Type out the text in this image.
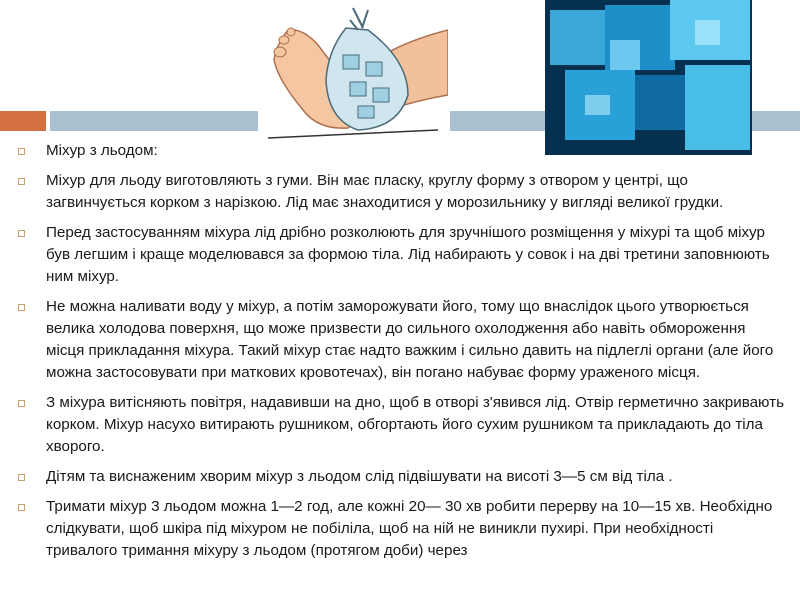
Міхур з льодом:
Міхур для льоду виготовляють з гуми. Він має пласку, круглу форму з отвором у центрі, що загвинчується корком з нарізкою. Лід має знаходитися у морозильнику у вигляді великої грудки.
Перед застосуванням міхура лід дрібно розколюють для зручнішого розміщення у міхурі та щоб міхур був легшим і краще моделювався за формою тіла. Лід набирають у совок і на дві третини заповнюють ним міхур.
Не можна наливати воду у міхур, а потім заморожувати його, тому що внаслідок цього утворюється велика холодова поверхня, що може призвести до сильного охолодження або навіть обмороження місця прикладання міхура. Такий міхур стає надто важким і сильно давить на підлеглі органи (але його можна застосовувати при маткових кровотечах), він погано набуває форму ураженого місця.
З міхура витісняють повітря, надавивши на дно, щоб в отворі з'явився лід. Отвір герметично закривають корком. Міхур насухо витирають рушником, обгортають його сухим рушником та прикладають до тіла хворого.
Дітям та виснаженим хворим міхур з льодом слід підвішувати на висоті 3—5 см від тіла .
Тримати міхур 3 льодом можна 1—2 год, але кожні 20— 30 хв робити перерву на 10—15 хв. Необхідно слідкувати, щоб шкіра під міхуром не побіліла, щоб на ній не виникли пухирі. При необхідності тривалого тримання міхуру з льодом (протягом доби) через
